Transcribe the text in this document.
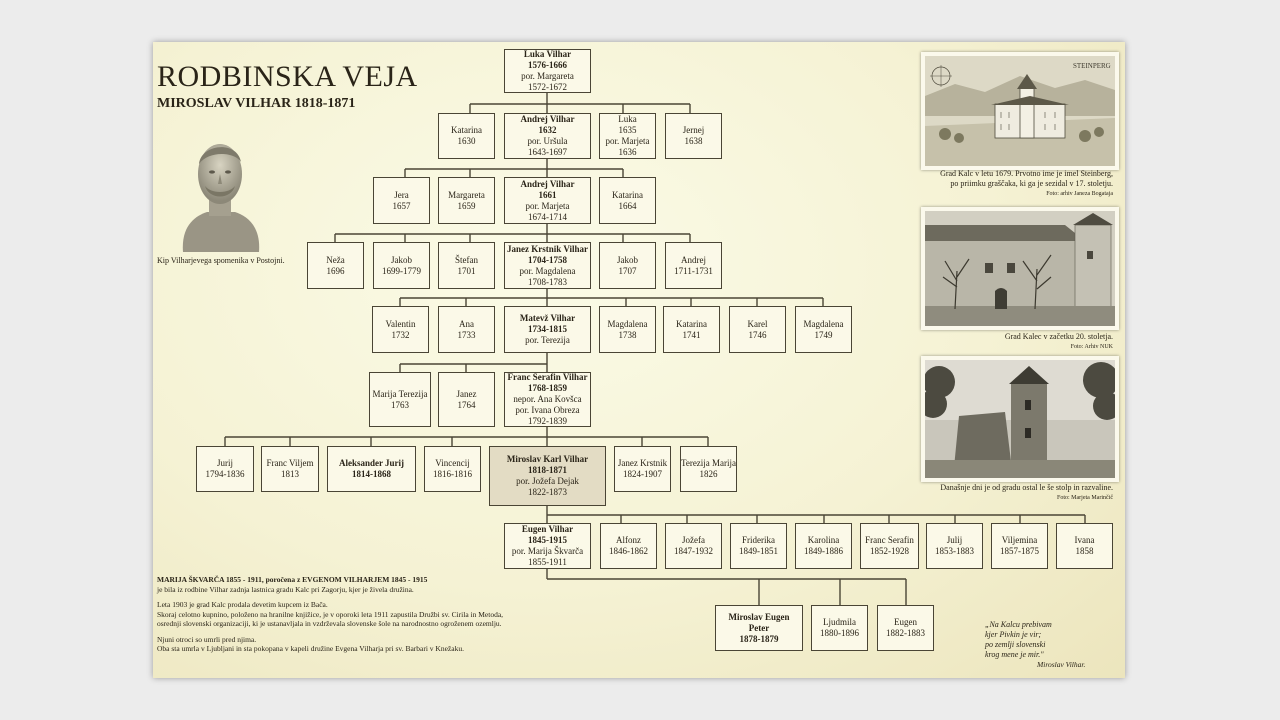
RODBINSKA VEJA
MIROSLAV VILHAR 1818-1871
Kip Vilharjevega spomenika v Postojni.
Luka Vilhar
1576-1666
por. Margareta
1572-1672
Katarina
1630
Andrej Vilhar
1632
por. Uršula
1643-1697
Luka
1635
por. Marjeta
1636
Jernej
1638
Jera
1657
Margareta
1659
Andrej Vilhar
1661
por. Marjeta
1674-1714
Katarina
1664
Neža
1696
Jakob
1699-1779
Štefan
1701
Janez Krstnik Vilhar
1704-1758
por. Magdalena
1708-1783
Jakob
1707
Andrej
1711-1731
Valentin
1732
Ana
1733
Matevž Vilhar
1734-1815
por. Terezija
Magdalena
1738
Katarina
1741
Karel
1746
Magdalena
1749
Marija Terezija
1763
Janez
1764
Franc Serafin Vilhar
1768-1859
nepor. Ana Kovšca
por. Ivana Obreza
1792-1839
Jurij
1794-1836
Franc Viljem
1813
Aleksander Jurij
1814-1868
Vincencij
1816-1816
Miroslav Karl Vilhar
1818-1871
por. Jožefa Dejak
1822-1873
Janez Krstnik
1824-1907
Terezija Marija
1826
Eugen Vilhar
1845-1915
por. Marija Škvarča
1855-1911
Alfonz
1846-1862
Jožefa
1847-1932
Friderika
1849-1851
Karolina
1849-1886
Franc Serafin
1852-1928
Julij
1853-1883
Viljemina
1857-1875
Ivana
1858
Miroslav Eugen
Peter
1878-1879
Ljudmila
1880-1896
Eugen
1882-1883
STEINPERG
Grad Kalc v letu 1679. Prvotno ime je imel Steinberg,
po priimku graščaka, ki ga je sezidal v 17. stoletju.
Foto: arhiv Janeza Bogataja
Grad Kalec v začetku 20. stoletja.
Foto: Arhiv NUK
Današnje dni je od gradu ostal le še stolp in razvaline.
Foto: Marjeta Marinčič

MARIJA ŠKVARČA 1855 - 1911, poročena z EVGENOM VILHARJEM 1845 - 1915

je bila iz rodbine Vilhar zadnja lastnica gradu Kalc pri Zagorju, kjer je živela družina.

Leta 1903 je grad Kalc prodala devetim kupcem iz Bača.

Skoraj celotno kupnino, položeno na hranilne knjižice, je v oporoki leta 1911 zapustila Družbi sv. Cirila in Metoda,

osrednji slovenski organizaciji, ki je ustanavljala in vzdrževala slovenske šole na narodnostno ogroženem ozemlju.

Njuni otroci so umrli pred njima.

Oba sta umrla v Ljubljani in sta pokopana v kapeli družine Evgena Vilharja pri sv. Barbari v Knežaku.

„Na Kalcu prebivam
kjer Pivkin je vir;
po zemlji slovenski
krog mene je mir."
Miroslav Vilhar.
